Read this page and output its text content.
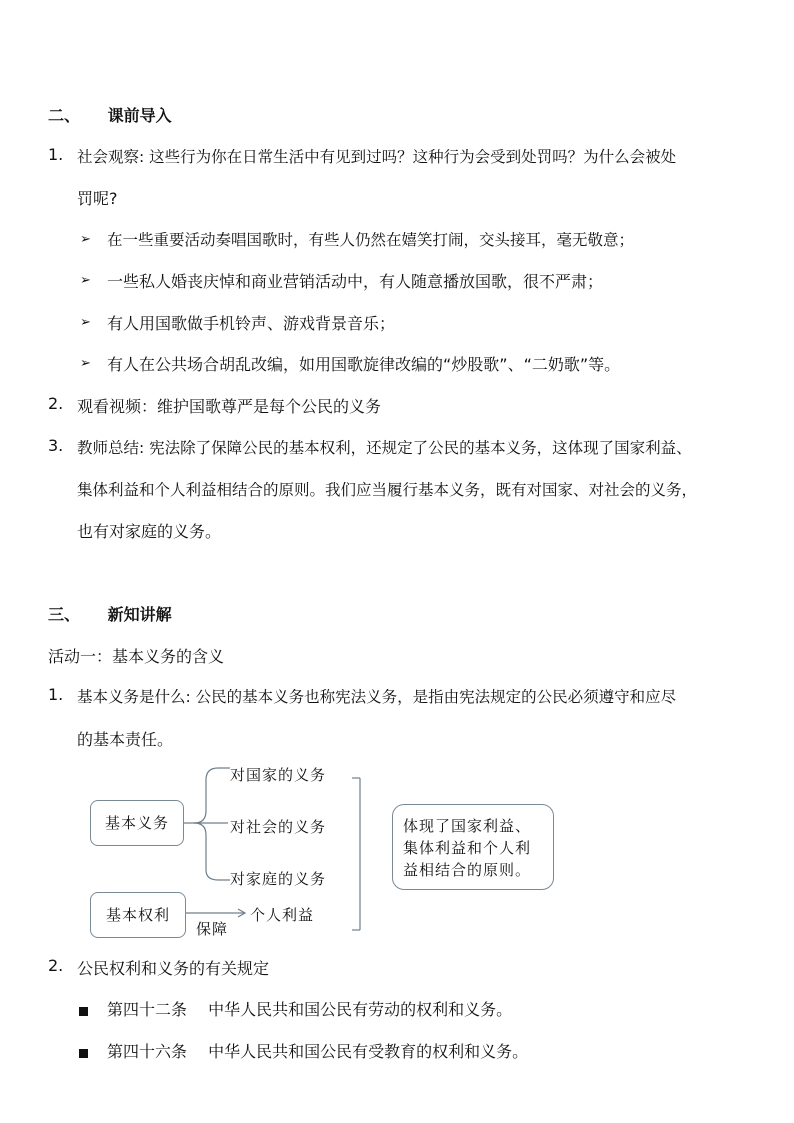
二、 课前导入
1. 社会观察: 这些行为你在日常生活中有见到过吗？这种行为会受到处罚吗？为什么会被处
罚呢?
➢ 在一些重要活动奏唱国歌时，有些人仍然在嬉笑打闹，交头接耳，毫无敬意；
➢ 一些私人婚丧庆悼和商业营销活动中，有人随意播放国歌，很不严肃；
➢ 有人用国歌做手机铃声、游戏背景音乐；
➢ 有人在公共场合胡乱改编，如用国歌旋律改编的“炒股歌”、“二奶歌”等。
2. 观看视频：维护国歌尊严是每个公民的义务
3. 教师总结: 宪法除了保障公民的基本权利，还规定了公民的基本义务，这体现了国家利益、
集体利益和个人利益相结合的原则。我们应当履行基本义务，既有对国家、对社会的义务，
也有对家庭的义务。
三、 新知讲解
活动一：基本义务的含义
1. 基本义务是什么: 公民的基本义务也称宪法义务，是指由宪法规定的公民必须遵守和应尽
的基本责任。
基本义务
对国家的义务
对社会的义务
对家庭的义务
体现了国家利益、
集体利益和个人利
益相结合的原则。
基本权利
保障
个人利益
2. 公民权利和义务的有关规定
第四十二条 中华人民共和国公民有劳动的权利和义务。
第四十六条 中华人民共和国公民有受教育的权利和义务。
